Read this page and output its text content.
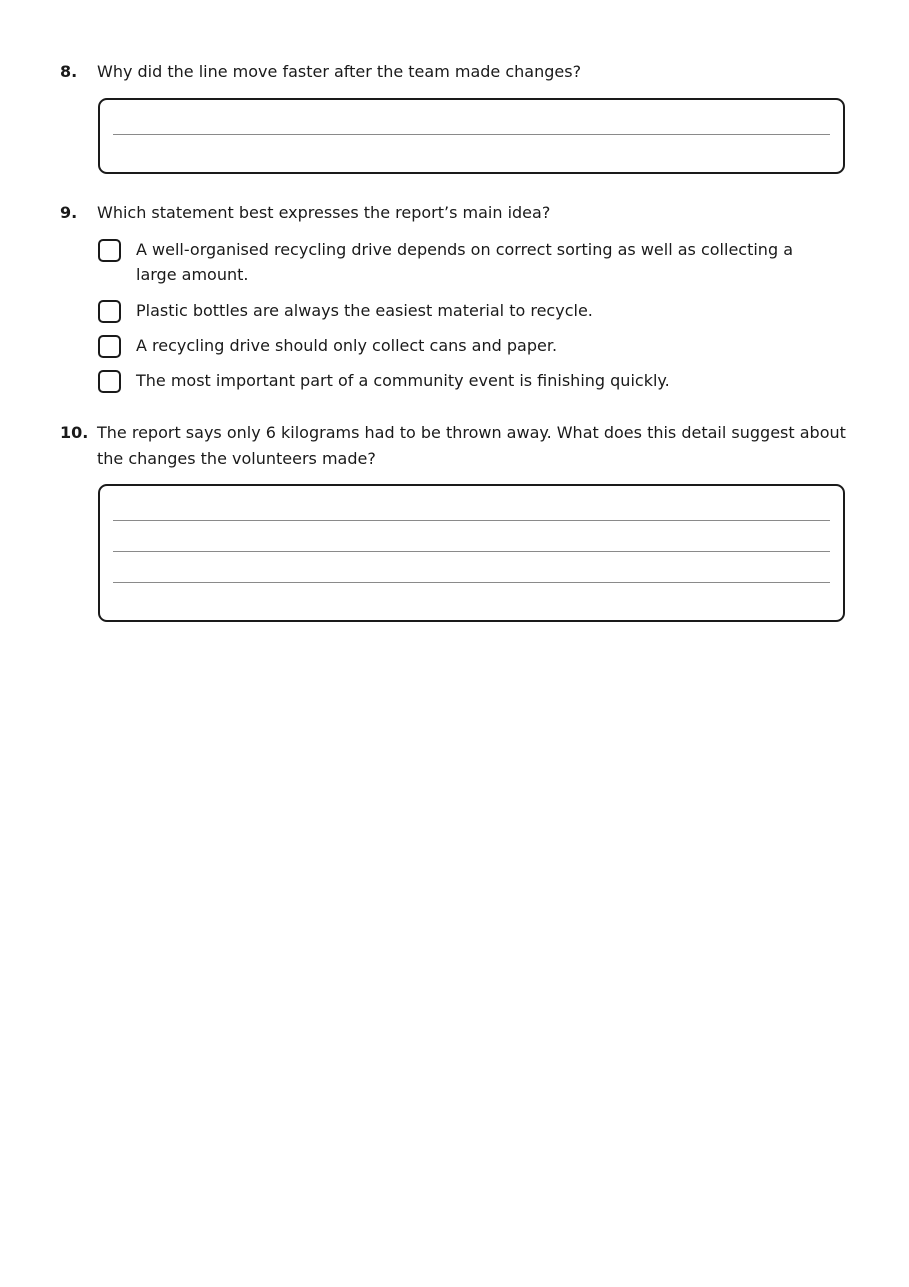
8.	Why did the line move faster after the team made changes?
9.	Which statement best expresses the report’s main idea?
A well-organised recycling drive depends on correct sorting as well as collecting a large amount.
Plastic bottles are always the easiest material to recycle.
A recycling drive should only collect cans and paper.
The most important part of a community event is finishing quickly.
10. The report says only 6 kilograms had to be thrown away. What does this detail suggest about the changes the volunteers made?
